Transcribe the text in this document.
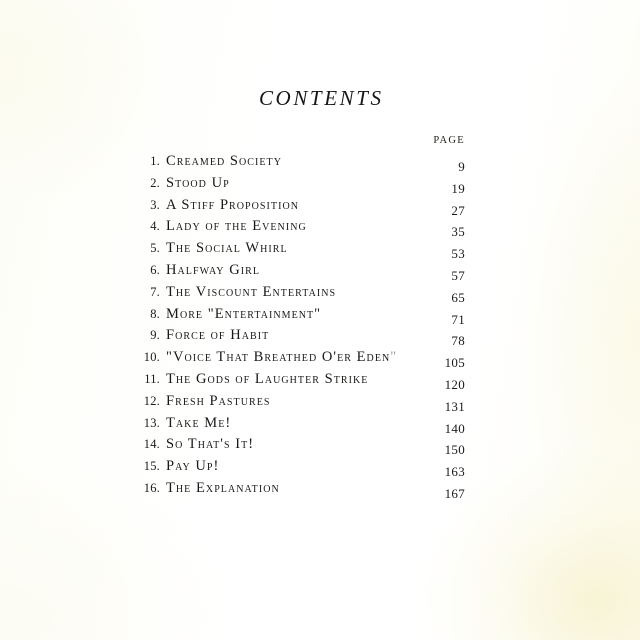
CONTENTS
PAGE
1. Creamed Society	9
2. Stood Up	19
3. A Stiff Proposition	27
4. Lady of the Evening	35
5. The Social Whirl	53
6. Halfway Girl	57
7. The Viscount Entertains	65
8. More "Entertainment"	71
9. Force of Habit	78
10. "Voice That Breathed O'er Eden"	105
11. The Gods of Laughter Strike	120
12. Fresh Pastures	131
13. Take Me!	140
14. So That's It!	150
15. Pay Up!	163
16. The Explanation	167
